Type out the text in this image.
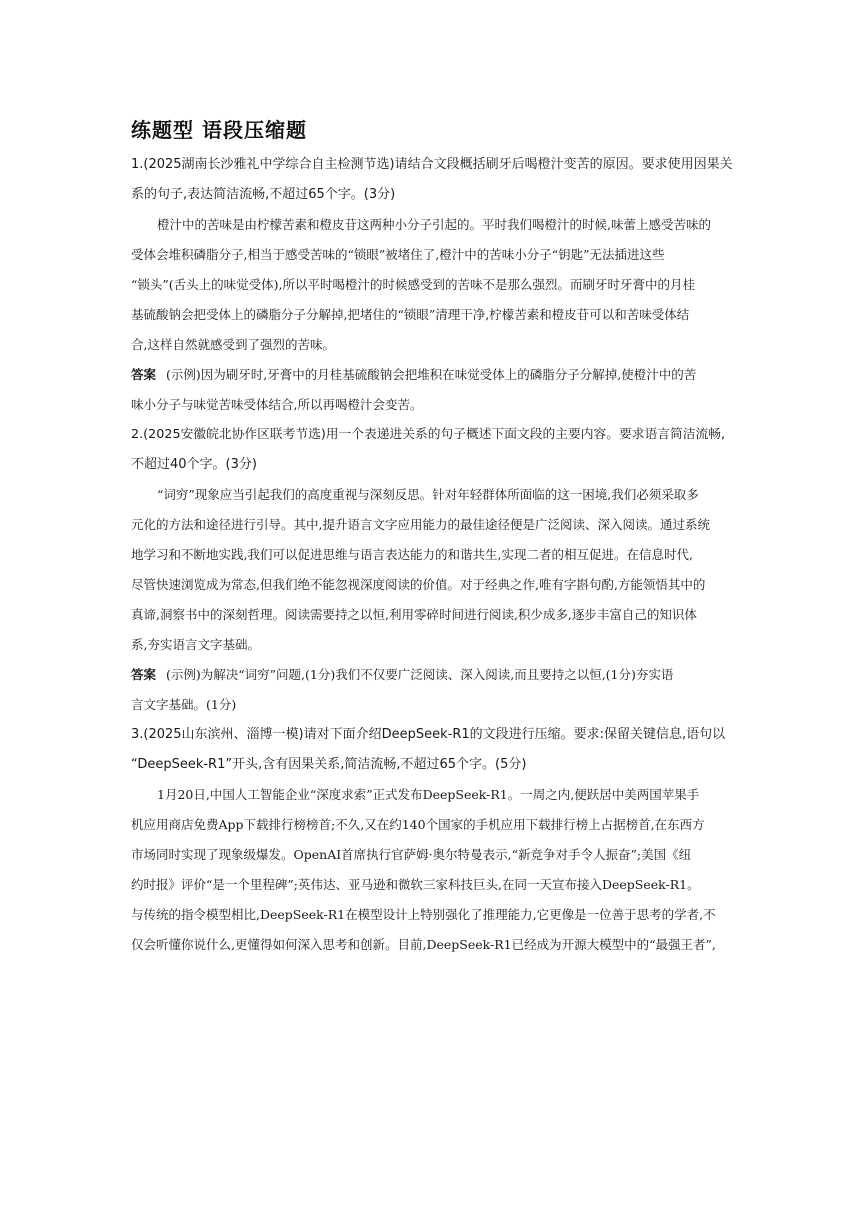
练题型 语段压缩题
1.(2025湖南长沙雅礼中学综合自主检测节选)请结合文段概括刷牙后喝橙汁变苦的原因。要求使用因果关
系的句子,表达简洁流畅,不超过65个字。(3分)
橙汁中的苦味是由柠檬苦素和橙皮苷这两种小分子引起的。平时我们喝橙汁的时候,味蕾上感受苦味的
受体会堆积磷脂分子,相当于感受苦味的“锁眼”被堵住了,橙汁中的苦味小分子“钥匙”无法插进这些
“锁头”(舌头上的味觉受体),所以平时喝橙汁的时候感受到的苦味不是那么强烈。而刷牙时牙膏中的月桂
基硫酸钠会把受体上的磷脂分子分解掉,把堵住的“锁眼”清理干净,柠檬苦素和橙皮苷可以和苦味受体结
合,这样自然就感受到了强烈的苦味。
答案 (示例)因为刷牙时,牙膏中的月桂基硫酸钠会把堆积在味觉受体上的磷脂分子分解掉,使橙汁中的苦
味小分子与味觉苦味受体结合,所以再喝橙汁会变苦。
2.(2025安徽皖北协作区联考节选)用一个表递进关系的句子概述下面文段的主要内容。要求语言简洁流畅,
不超过40个字。(3分)
“词穷”现象应当引起我们的高度重视与深刻反思。针对年轻群体所面临的这一困境,我们必须采取多
元化的方法和途径进行引导。其中,提升语言文字应用能力的最佳途径便是广泛阅读、深入阅读。通过系统
地学习和不断地实践,我们可以促进思维与语言表达能力的和谐共生,实现二者的相互促进。在信息时代,
尽管快速浏览成为常态,但我们绝不能忽视深度阅读的价值。对于经典之作,唯有字斟句酌,方能领悟其中的
真谛,洞察书中的深刻哲理。阅读需要持之以恒,利用零碎时间进行阅读,积少成多,逐步丰富自己的知识体
系,夯实语言文字基础。
答案 (示例)为解决“词穷”问题,(1分)我们不仅要广泛阅读、深入阅读,而且要持之以恒,(1分)夯实语
言文字基础。(1分)
3.(2025山东滨州、淄博一模)请对下面介绍DeepSeek-R1的文段进行压缩。要求:保留关键信息,语句以
“DeepSeek-R1”开头,含有因果关系,简洁流畅,不超过65个字。(5分)
1月20日,中国人工智能企业“深度求索”正式发布DeepSeek-R1。一周之内,便跃居中美两国苹果手
机应用商店免费App下载排行榜榜首;不久,又在约140个国家的手机应用下载排行榜上占据榜首,在东西方
市场同时实现了现象级爆发。OpenAI首席执行官萨姆·奥尔特曼表示,“新竞争对手令人振奋”;美国《纽
约时报》评价“是一个里程碑”;英伟达、亚马逊和微软三家科技巨头,在同一天宣布接入DeepSeek-R1。
与传统的指令模型相比,DeepSeek-R1在模型设计上特别强化了推理能力,它更像是一位善于思考的学者,不
仅会听懂你说什么,更懂得如何深入思考和创新。目前,DeepSeek-R1已经成为开源大模型中的“最强王者”,
